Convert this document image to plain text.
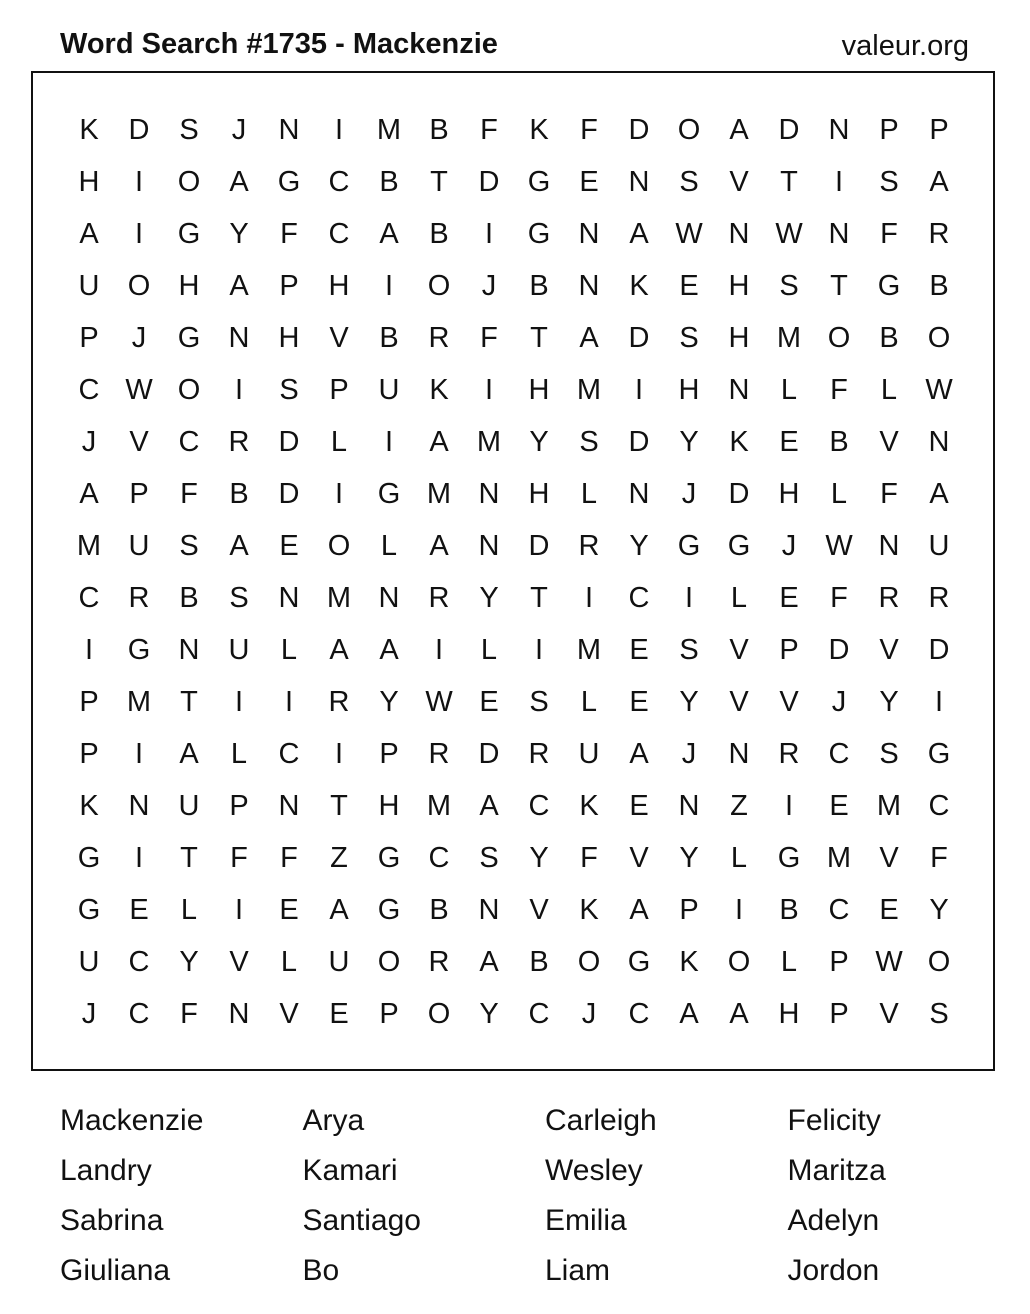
Word Search #1735 - Mackenzie	valeur.org
K	D	S	J	N	I	M B	F	K	F	D O	A	D	N	P	P
H	I	O	A	G C	B	T	D G	E	N	S	V	T	I	S	A
A	I	G	Y	F	C	A	B	I	G N	A W N W N	F	R
U O H	A	P	H	I	O	J	B	N	K	E	H	S	T	G	B
P	J	G N	H	V	B	R	F	T	A	D	S	H M O	B	O
C W O	I	S	P	U	K	I	H M	I	H	N	L	F	L W
J	V	C	R	D	L	I	A M Y	S	D	Y	K	E	B	V	N
A	P	F	B	D	I	G M N	H	L	N	J	D	H	L	F	A
M U	S	A	E	O	L	A	N	D	R	Y	G G	J	W N	U
C	R	B	S	N M N	R	Y	T	I	C	I	L	E	F	R	R
I	G N	U	L	A	A	I	L	I	M E	S	V	P	D	V	D
P M	T	I	I	R	Y W E	S	L	E	Y	V	V	J	Y	I
P	I	A	L	C	I	P	R	D	R	U	A	J	N	R	C	S	G
K	N	U	P	N	T	H M A	C	K	E	N	Z	I	E M C
G	I	T	F	F	Z	G C	S	Y	F	V	Y	L	G M V	F
G	E	L	I	E	A	G	B	N	V	K	A	P	I	B	C	E	Y
U	C	Y	V	L	U O R	A	B	O G	K	O	L	P W O
J	C	F	N	V	E	P	O	Y	C	J	C	A	A	H	P	V	S
Mackenzie	Arya	Carleigh	Felicity
Landry	Kamari	Wesley	Maritza
Sabrina	Santiago	Emilia	Adelyn
Giuliana	Bo	Liam	Jordon
